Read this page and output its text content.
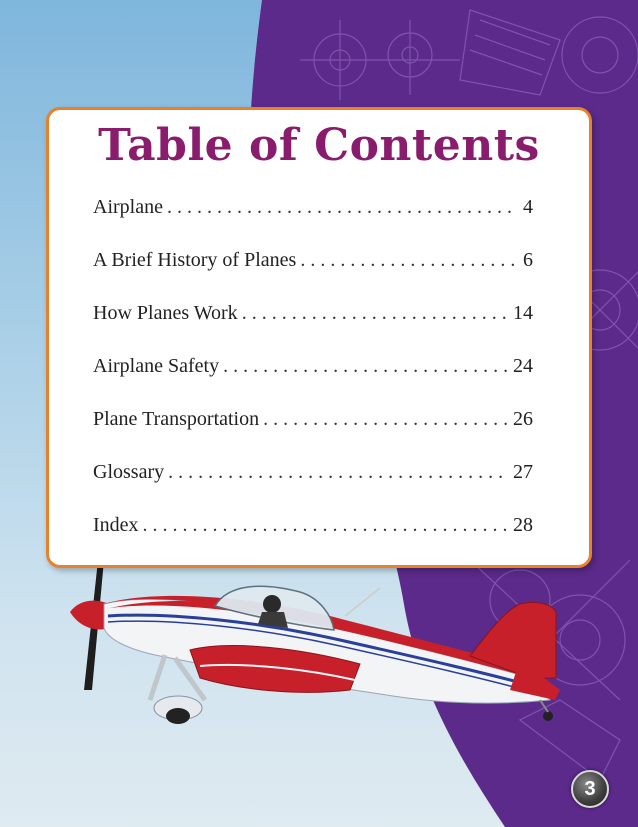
Table of Contents
Airplane . . .	4
A Brief History of Planes . . .	6
How Planes Work . . .	14
Airplane Safety . . .	24
Plane Transportation . . .	26
Glossary . . .	27
Index . . .	28
3
